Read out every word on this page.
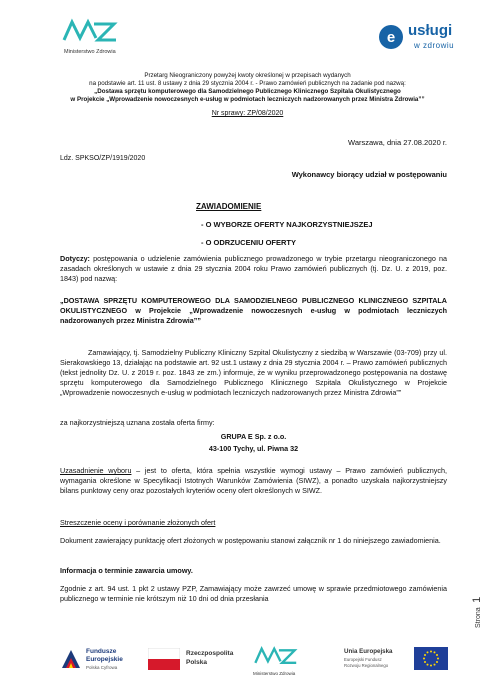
Ministerstwo Zdrowia
e usługi
w zdrowiu
Przetarg Nieograniczony powyżej kwoty określonej w przepisach wydanych
na podstawie art. 11 ust. 8 ustawy z dnia 29 stycznia 2004 r. - Prawo zamówień publicznych na zadanie pod nazwą:
„Dostawa sprzętu komputerowego dla Samodzielnego Publicznego Klinicznego Szpitala Okulistycznego
w Projekcie „Wprowadzenie nowoczesnych e-usług w podmiotach leczniczych nadzorowanych przez Ministra Zdrowia””
Nr sprawy: ZP/08/2020
Warszawa, dnia 27.08.2020 r.
Ldz. SPKSO/ZP/1919/2020
Wykonawcy biorący udział w postępowaniu
ZAWIADOMIENIE
- O WYBORZE OFERTY NAJKORZYSTNIEJSZEJ
- O ODRZUCENIU OFERTY
Dotyczy: postępowania o udzielenie zamówienia publicznego prowadzonego w trybie przetargu nieograniczonego na zasadach określonych w ustawie z dnia 29 stycznia 2004 roku Prawo zamówień publicznych (tj. Dz. U. z 2019, poz. 1843) pod nazwą:
„DOSTAWA SPRZĘTU KOMPUTEROWEGO DLA SAMODZIELNEGO PUBLICZNEGO KLINICZNEGO SZPITALA OKULISTYCZNEGO w Projekcie „Wprowadzenie nowoczesnych e-usług w podmiotach leczniczych nadzorowanych przez Ministra Zdrowia””
Zamawiający, tj. Samodzielny Publiczny Kliniczny Szpital Okulistyczny z siedzibą w Warszawie (03-709) przy ul. Sierakowskiego 13, działając na podstawie art. 92 ust.1 ustawy z dnia 29 stycznia 2004 r. – Prawo zamówień publicznych (tekst jednolity Dz. U. z 2019 r. poz. 1843 ze zm.) informuje, że w wyniku przeprowadzonego postępowania na dostawę sprzętu komputerowego dla Samodzielnego Publicznego Klinicznego Szpitala Okulistycznego w Projekcie „Wprowadzenie nowoczesnych e-usług w podmiotach leczniczych nadzorowanych przez Ministra Zdrowia””
za najkorzystniejszą uznana została oferta firmy:
GRUPA E Sp. z o.o.
43-100 Tychy, ul. Piwna 32
Uzasadnienie wyboru – jest to oferta, która spełnia wszystkie wymogi ustawy – Prawo zamówień publicznych, wymagania określone w Specyfikacji Istotnych Warunków Zamówienia (SIWZ), a ponadto uzyskała najkorzystniejszy bilans punktowy ceny oraz pozostałych kryteriów oceny ofert określonych w SIWZ.
Streszczenie oceny i porównanie złożonych ofert
Dokument zawierający punktację ofert złożonych w postępowaniu stanowi załącznik nr 1 do niniejszego zawiadomienia.
Informacja o terminie zawarcia umowy.
Zgodnie z art. 94 ust. 1 pkt 2 ustawy PZP, Zamawiający może zawrzeć umowę w sprawie przedmiotowego zamówienia publicznego w terminie nie krótszym niż 10 dni od dnia przesłania
Strona 1
Fundusze
Europejskie
Polska Cyfrowa
Rzeczpospolita
Polska
Ministerstwo Zdrowia
Unia Europejska
Europejski Fundusz
Rozwoju Regionalnego
